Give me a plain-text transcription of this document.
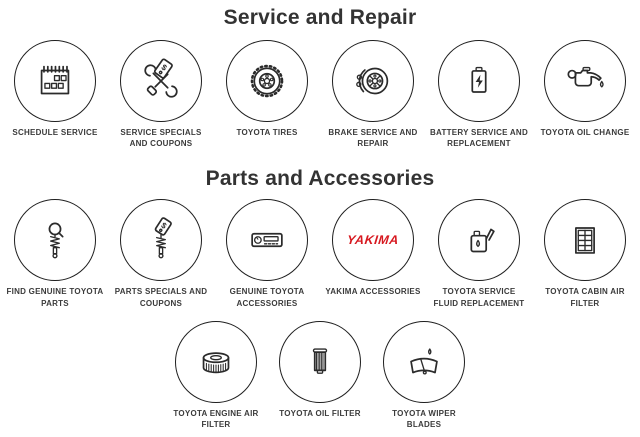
Service and Repair
SCHEDULE SERVICE
$
SERVICE SPECIALS AND COUPONS
TOYOTA TIRES	BRAKE SERVICE AND REPAIR
BATTERY SERVICE AND REPLACEMENT
TOYOTA OIL CHANGE
Parts and Accessories
FIND GENUINE TOYOTA PARTS
$
PARTS SPECIALS AND COUPONS
GENUINE TOYOTA ACCESSORIES
YAKIMA
YAKIMA ACCESSORIES	TOYOTA SERVICE FLUID REPLACEMENT
TOYOTA CABIN AIR FILTER
TOYOTA ENGINE AIR FILTER
TOYOTA OIL FILTER	TOYOTA WIPER BLADES
